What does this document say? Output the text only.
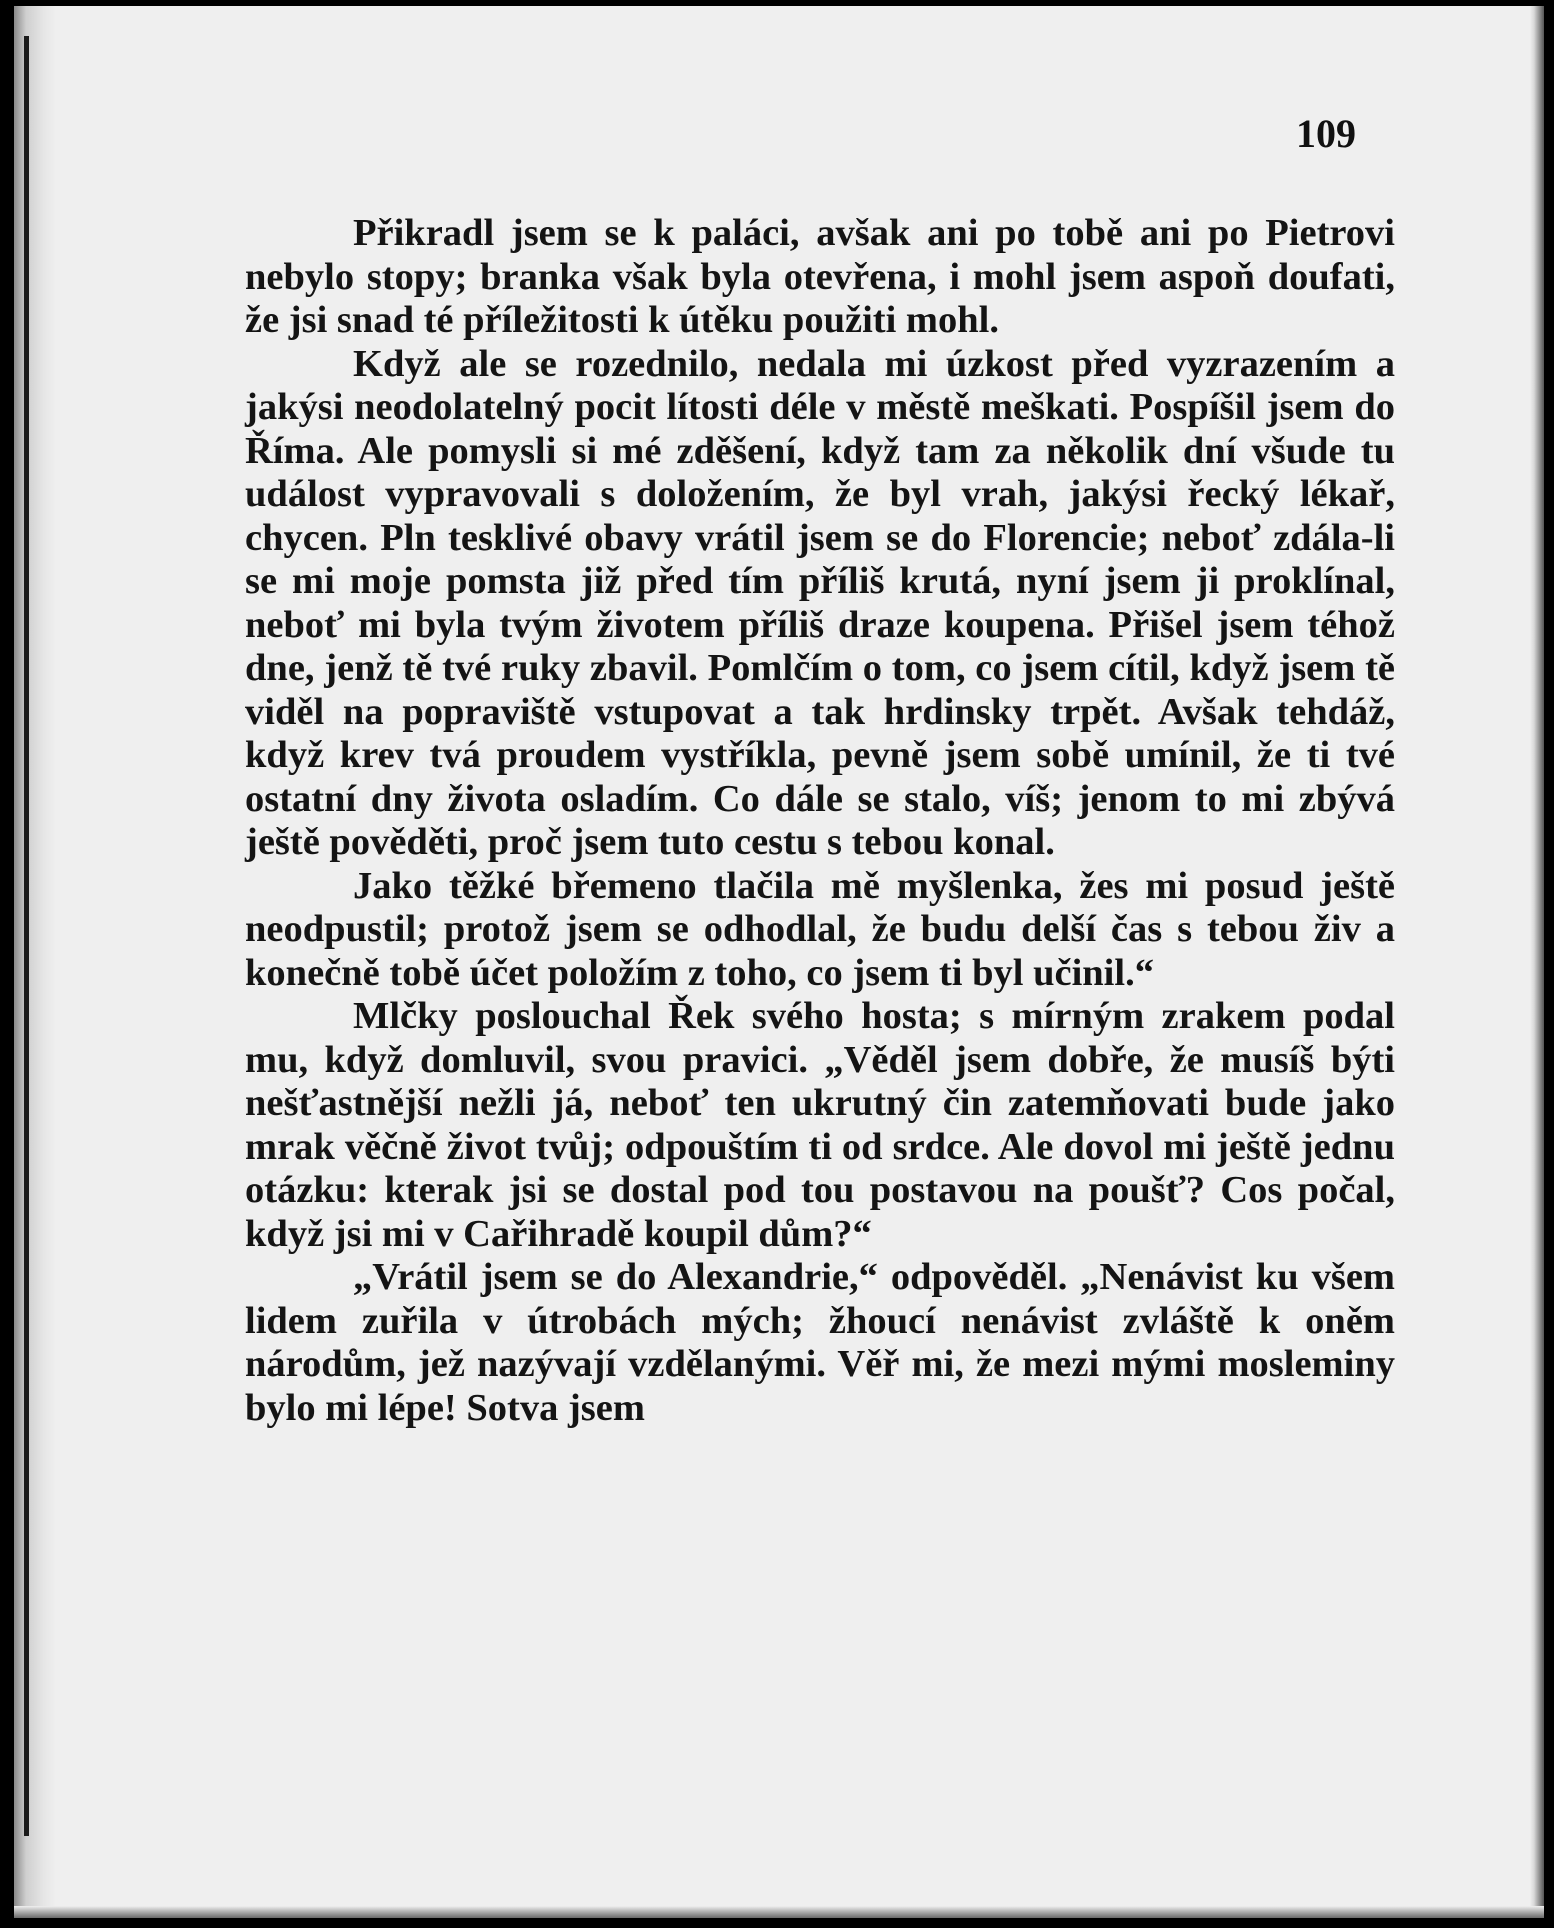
109

Přikradl jsem se k paláci, avšak ani po tobě ani po Pietrovi nebylo stopy; branka však byla otevřena, i mohl jsem aspoň doufati, že jsi snad té příležitosti k útěku použiti mohl.

Když ale se rozednilo, nedala mi úzkost před vyzrazením a jakýsi neodolatelný pocit lítosti déle v městě meškati. Pospíšil jsem do Říma. Ale pomysli si mé zděšení, když tam za několik dní všude tu událost vypravovali s doložením, že byl vrah, jakýsi řecký lékař, chycen. Pln tesklivé obavy vrátil jsem se do Florencie; neboť zdála-li se mi moje pomsta již před tím příliš krutá, nyní jsem ji proklínal, neboť mi byla tvým životem příliš draze koupena. Přišel jsem téhož dne, jenž tě tvé ruky zbavil. Pomlčím o tom, co jsem cítil, když jsem tě viděl na popraviště vstupovat a tak hrdinsky trpět. Avšak tehdáž, když krev tvá proudem vystříkla, pevně jsem sobě umínil, že ti tvé ostatní dny života osladím. Co dále se stalo, víš; jenom to mi zbývá ještě pověděti, proč jsem tuto cestu s tebou konal.

Jako těžké břemeno tlačila mě myšlenka, žes mi posud ještě neodpustil; protož jsem se odhodlal, že budu delší čas s tebou živ a konečně tobě účet položím z toho, co jsem ti byl učinil.“

Mlčky poslouchal Řek svého hosta; s mírným zrakem podal mu, když domluvil, svou pravici. „Věděl jsem dobře, že musíš býti nešťastnější nežli já, neboť ten ukrutný čin zatemňovati bude jako mrak věčně život tvůj; odpouštím ti od srdce. Ale dovol mi ještě jednu otázku: kterak jsi se dostal pod tou postavou na poušť? Cos počal, když jsi mi v Cařihradě koupil dům?“

„Vrátil jsem se do Alexandrie,“ odpověděl. „Nenávist ku všem lidem zuřila v útrobách mých; žhoucí nenávist zvláště k oněm národům, jež nazývají vzdělanými. Věř mi, že mezi mými mosleminy bylo mi lépe! Sotva jsem
